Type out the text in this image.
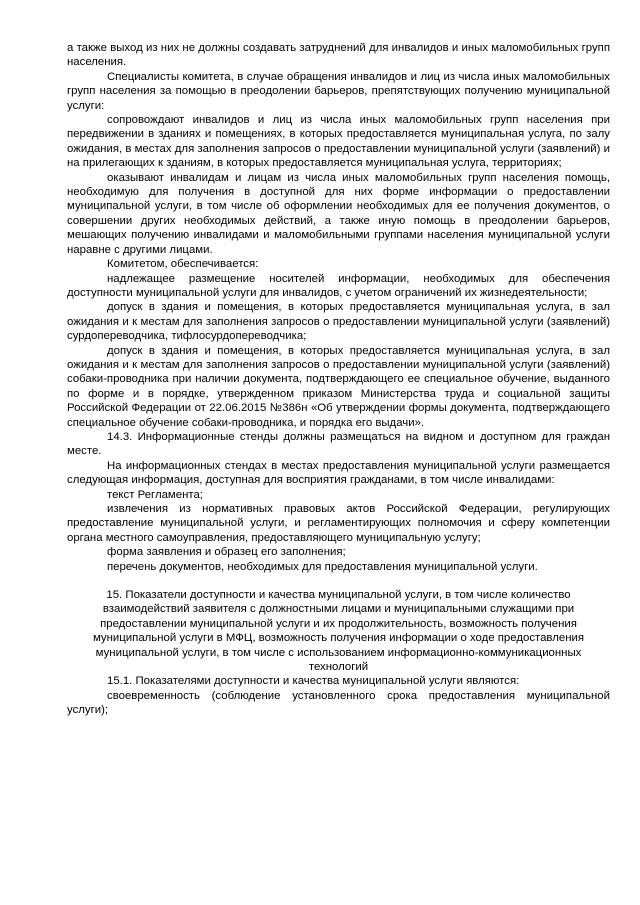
а также выход из них не должны создавать затруднений для инвалидов и иных маломобильных групп населения.

Специалисты комитета, в случае обращения инвалидов и лиц из числа иных маломобильных групп населения за помощью в преодолении барьеров, препятствующих получению муниципальной услуги:

сопровождают инвалидов и лиц из числа иных маломобильных групп населения при передвижении в зданиях и помещениях, в которых предоставляется муниципальная услуга, по залу ожидания, в местах для заполнения запросов о предоставлении муниципальной услуги (заявлений) и на прилегающих к зданиям, в которых предоставляется муниципальная услуга, территориях;

оказывают инвалидам и лицам из числа иных маломобильных групп населения помощь, необходимую для получения в доступной для них форме информации о предоставлении муниципальной услуги, в том числе об оформлении необходимых для ее получения документов, о совершении других необходимых действий, а также иную помощь в преодолении барьеров, мешающих получению инвалидами и маломобильными группами населения муниципальной услуги наравне с другими лицами.

Комитетом, обеспечивается:

надлежащее размещение носителей информации, необходимых для обеспечения доступности муниципальной услуги для инвалидов, с учетом ограничений их жизнедеятельности;

допуск в здания и помещения, в которых предоставляется муниципальная услуга, в зал ожидания и к местам для заполнения запросов о предоставлении муниципальной услуги (заявлений) сурдопереводчика, тифлосурдопереводчика;

допуск в здания и помещения, в которых предоставляется муниципальная услуга, в зал ожидания и к местам для заполнения запросов о предоставлении муниципальной услуги (заявлений) собаки-проводника при наличии документа, подтверждающего ее специальное обучение, выданного по форме и в порядке, утвержденном приказом Министерства труда и социальной защиты Российской Федерации от 22.06.2015 №386н «Об утверждении формы документа, подтверждающего специальное обучение собаки-проводника, и порядка его выдачи».

14.3. Информационные стенды должны размещаться на видном и доступном для граждан месте.

На информационных стендах в местах предоставления муниципальной услуги размещается следующая информация, доступная для восприятия гражданами, в том числе инвалидами:

текст Регламента;

извлечения из нормативных правовых актов Российской Федерации, регулирующих предоставление муниципальной услуги, и регламентирующих полномочия и сферу компетенции органа местного самоуправления, предоставляющего муниципальную услугу;

форма заявления и образец его заполнения;

перечень документов, необходимых для предоставления муниципальной услуги.

15. Показатели доступности и качества муниципальной услуги, в том числе количество взаимодействий заявителя с должностными лицами и муниципальными служащими при предоставлении муниципальной услуги и их продолжительность, возможность получения муниципальной услуги в МФЦ, возможность получения информации о ходе предоставления муниципальной услуги, в том числе с использованием информационно-коммуникационных технологий

15.1. Показателями доступности и качества муниципальной услуги являются:

своевременность (соблюдение установленного срока предоставления муниципальной услуги);
